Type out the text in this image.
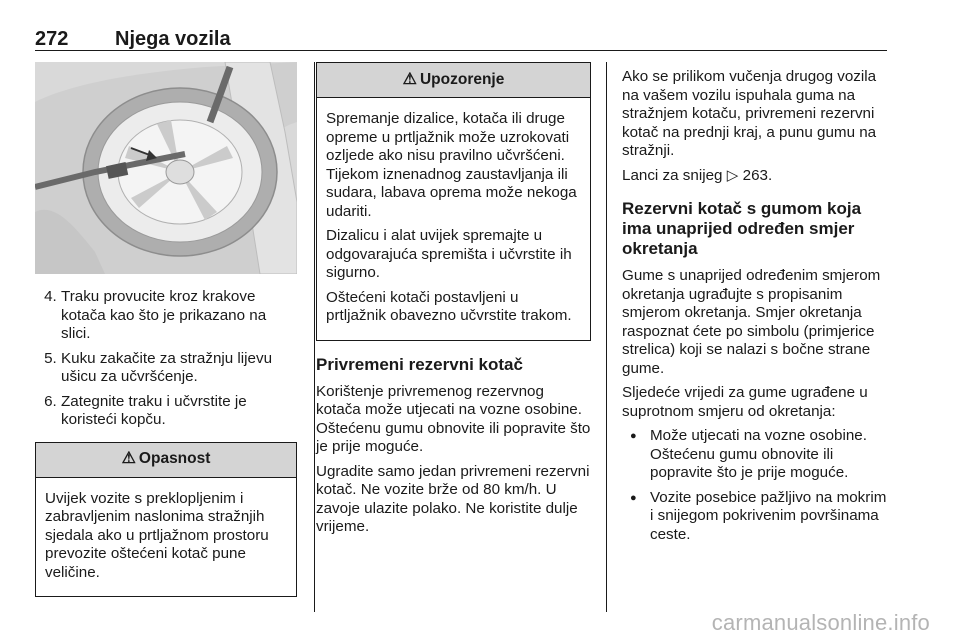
272 Njega vozila
4. Traku provucite kroz krakove kotača kao što je prikazano na slici.
5. Kuku zakačite za stražnju lijevu ušicu za učvršćenje.
6. Zategnite traku i učvrstite je koristeći kopču.
⚠ Opasnost

Uvijek vozite s preklopljenim i zabravljenim naslonima stražnjih sjedala ako u prtljažnom prostoru prevozite oštećeni kotač pune veličine.

⚠ Upozorenje

Spremanje dizalice, kotača ili druge opreme u prtljažnik može uzrokovati ozljede ako nisu pravilno učvršćeni. Tijekom iznenadnog zaustavljanja ili sudara, labava oprema može nekoga udariti.

Dizalicu i alat uvijek spremajte u odgovarajuća spremišta i učvrstite ih sigurno.

Oštećeni kotači postavljeni u prtljažnik obavezno učvrstite trakom.

Privremeni rezervni kotač

Korištenje privremenog rezervnog kotača može utjecati na vozne osobine. Oštećenu gumu obnovite ili popravite što je prije moguće.

Ugradite samo jedan privremeni rezervni kotač. Ne vozite brže od 80 km/h. U zavoje ulazite polako. Ne koristite dulje vrijeme.

Ako se prilikom vučenja drugog vozila na vašem vozilu ispuhala guma na stražnjem kotaču, privremeni rezervni kotač na prednji kraj, a punu gumu na stražnji.

Lanci za snijeg ▷ 263.

Rezervni kotač s gumom koja ima unaprijed određen smjer okretanja

Gume s unaprijed određenim smjerom okretanja ugrađujte s propisanim smjerom okretanja. Smjer okretanja raspoznat ćete po simbolu (primjerice strelica) koji se nalazi s bočne strane gume.

Sljedeće vrijedi za gume ugrađene u suprotnom smjeru od okretanja:

● Može utjecati na vozne osobine. Oštećenu gumu obnovite ili popravite što je prije moguće.
● Vozite posebice pažljivo na mokrim i snijegom pokrivenim površinama ceste.
carmanualsonline.info
